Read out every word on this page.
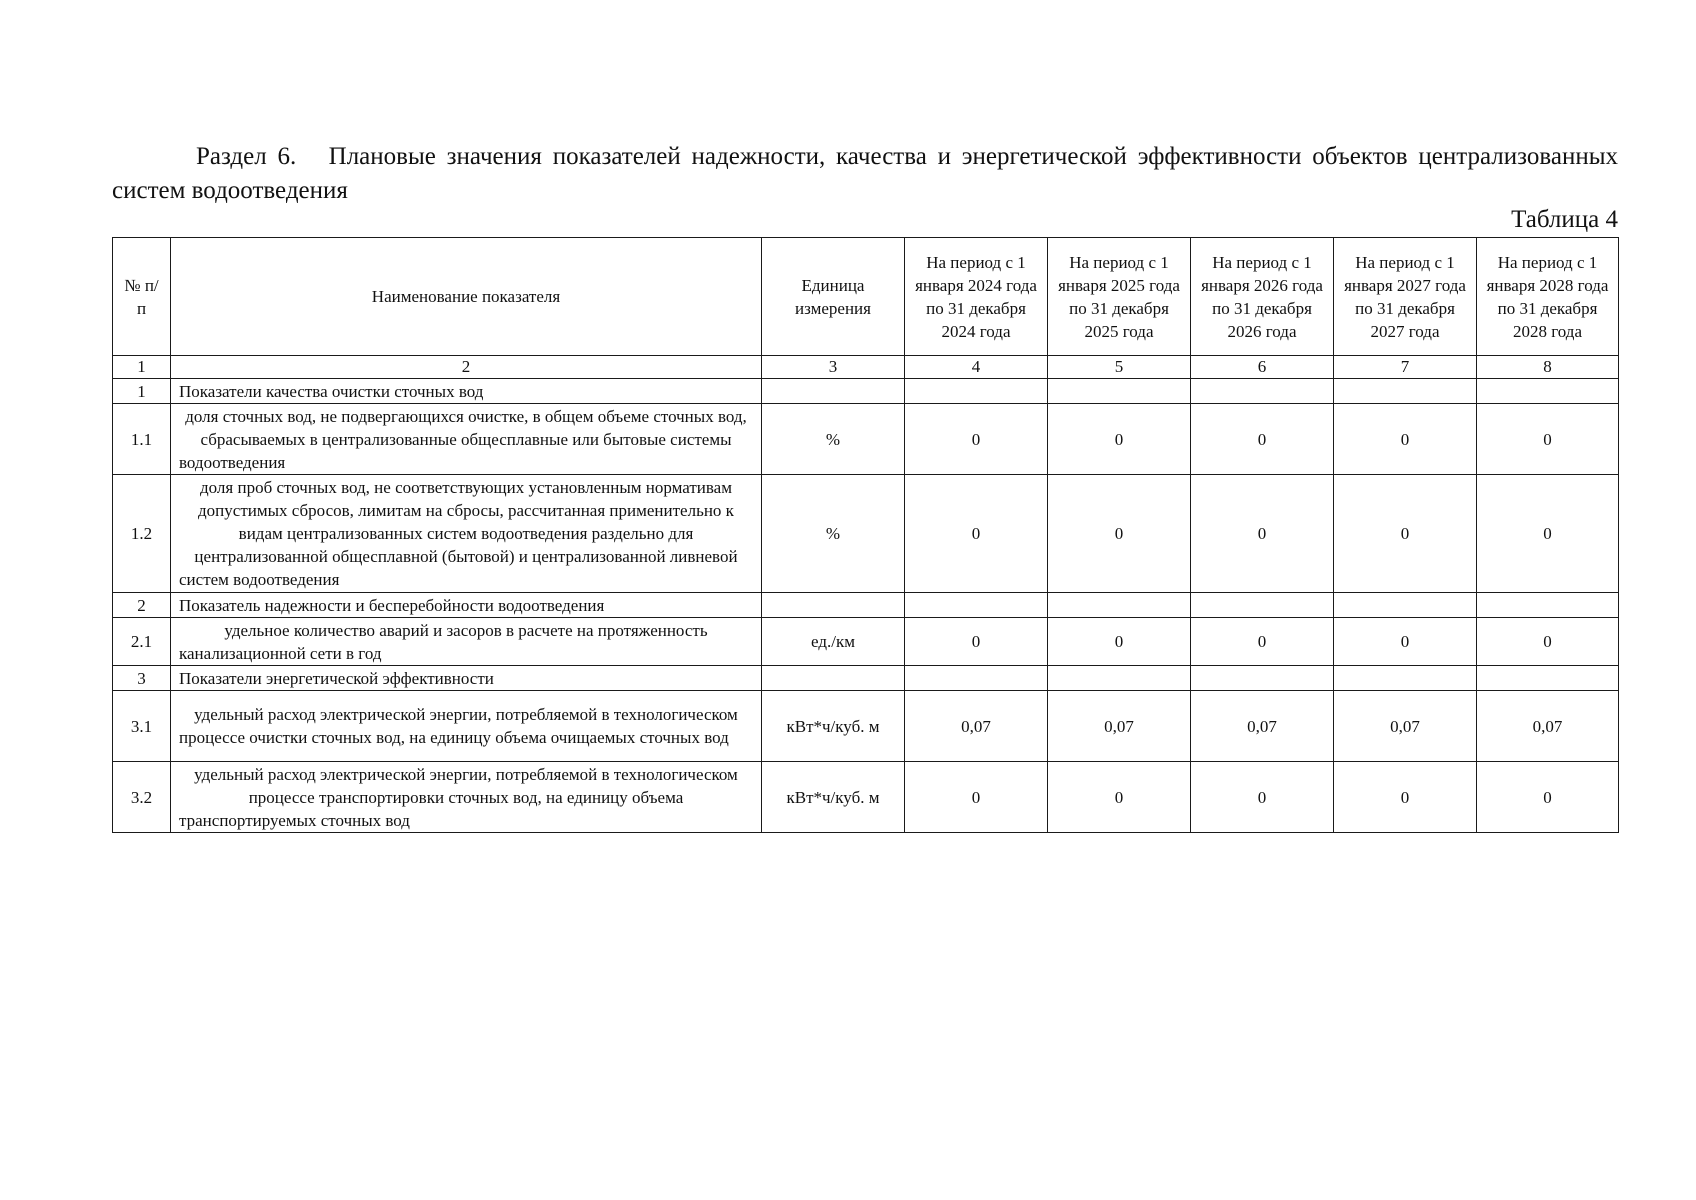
Раздел 6. Плановые значения показателей надежности, качества и энергетической эффективности объектов централизованных систем водоотведения
Таблица 4
№ п/п	Наименование показателя	Единица измерения	На период с 1 января 2024 года по 31 декабря 2024 года	На период с 1 января 2025 года по 31 декабря 2025 года	На период с 1 января 2026 года по 31 декабря 2026 года	На период с 1 января 2027 года по 31 декабря 2027 года	На период с 1 января 2028 года по 31 декабря 2028 года
1	2	3	4	5	6	7	8
1	Показатели качества очистки сточных вод						
1.1	доля сточных вод, не подвергающихся очистке, в общем объеме сточных вод, сбрасываемых в централизованные общесплавные или бытовые системы водоотведения	%	0	0	0	0	0
1.2	доля проб сточных вод, не соответствующих установленным нормативам допустимых сбросов, лимитам на сбросы, рассчитанная применительно к видам централизованных систем водоотведения раздельно для централизованной общесплавной (бытовой) и централизованной ливневой систем водоотведения	%	0	0	0	0	0
2	Показатель надежности и бесперебойности водоотведения						
2.1	удельное количество аварий и засоров в расчете на протяженность канализационной сети в год	ед./км	0	0	0	0	0
3	Показатели энергетической эффективности						
3.1	удельный расход электрической энергии, потребляемой в технологическом процессе очистки сточных вод, на единицу объема очищаемых сточных вод	кВт*ч/куб. м	0,07	0,07	0,07	0,07	0,07
3.2	удельный расход электрической энергии, потребляемой в технологическом процессе транспортировки сточных вод, на единицу объема транспортируемых сточных вод	кВт*ч/куб. м	0	0	0	0	0
